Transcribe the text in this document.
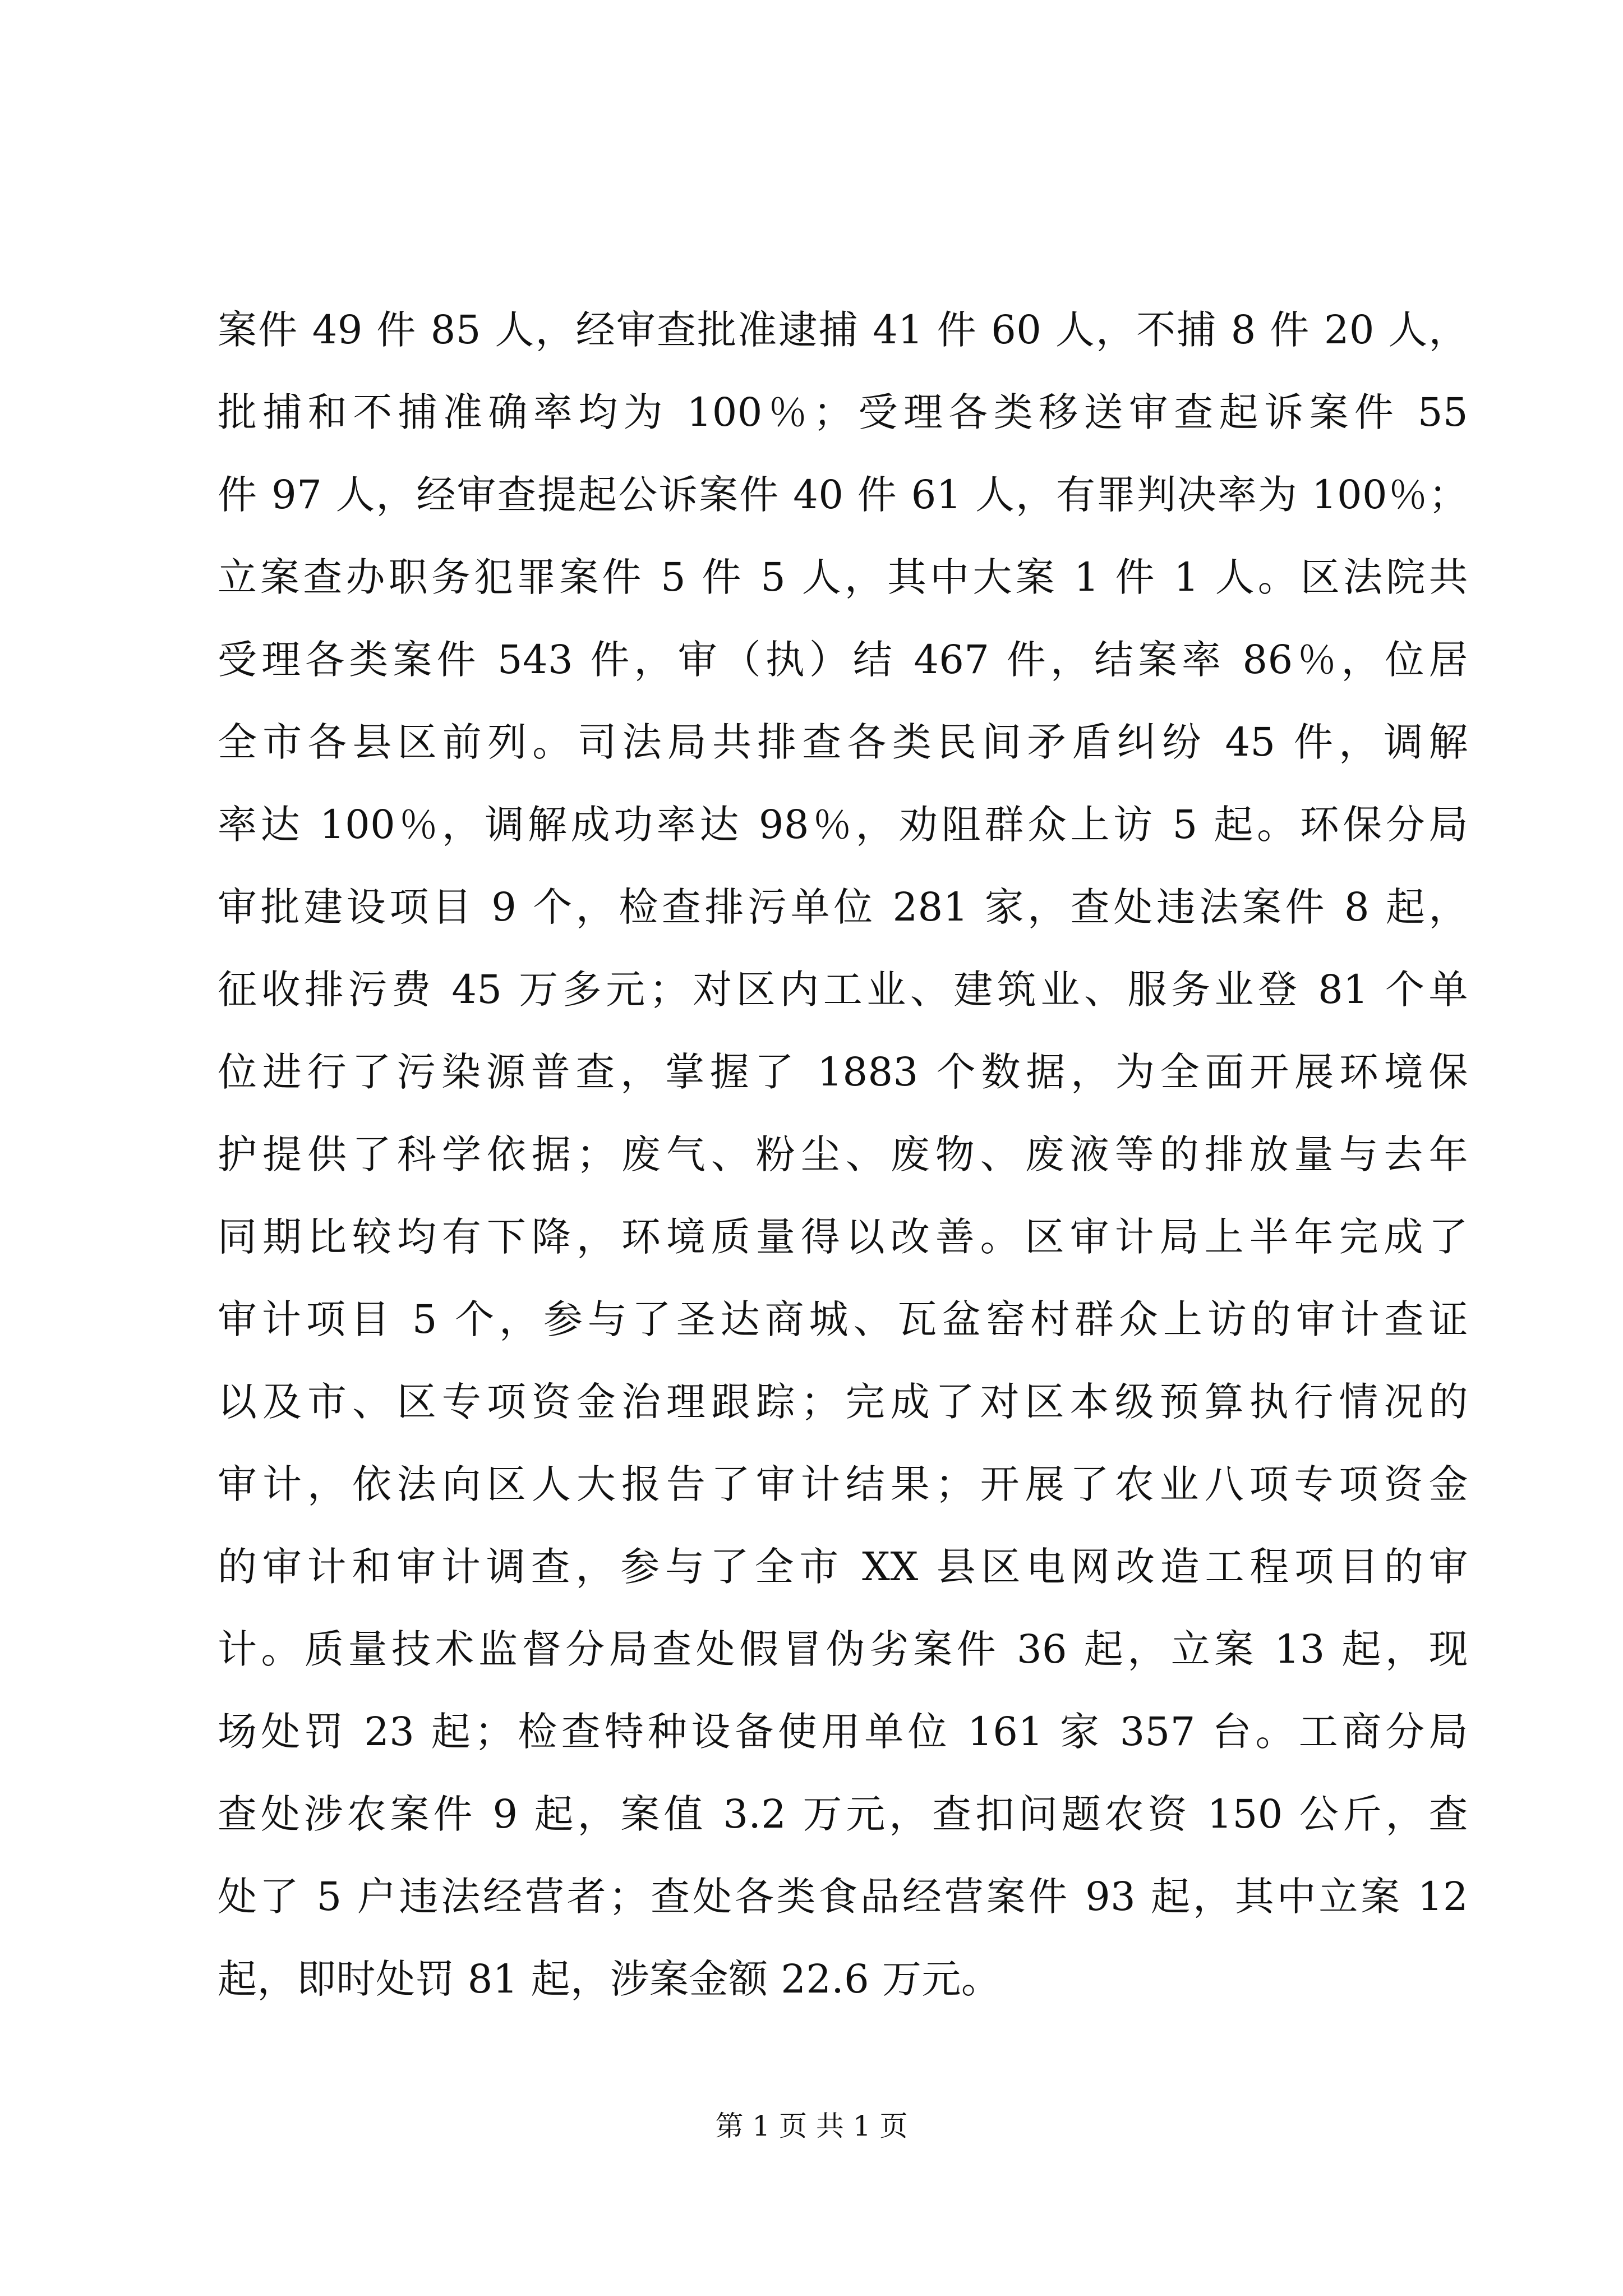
案件 49 件 85 人，经审查批准逮捕 41 件 60 人，不捕 8 件 20 人，
批捕和不捕准确率均为 100％；受理各类移送审查起诉案件 55
件 97 人，经审查提起公诉案件 40 件 61 人，有罪判决率为 100％；
立案查办职务犯罪案件 5 件 5 人，其中大案 1 件 1 人。区法院共
受理各类案件 543 件，审（执）结 467 件，结案率 86％，位居
全市各县区前列。司法局共排查各类民间矛盾纠纷 45 件，调解
率达 100％，调解成功率达 98％，劝阻群众上访 5 起。环保分局
审批建设项目 9 个，检查排污单位 281 家，查处违法案件 8 起，
征收排污费 45 万多元；对区内工业、建筑业、服务业登 81 个单
位进行了污染源普查，掌握了 1883 个数据，为全面开展环境保
护提供了科学依据；废气、粉尘、废物、废液等的排放量与去年
同期比较均有下降，环境质量得以改善。区审计局上半年完成了
审计项目 5 个，参与了圣达商城、瓦盆窑村群众上访的审计查证
以及市、区专项资金治理跟踪；完成了对区本级预算执行情况的
审计，依法向区人大报告了审计结果；开展了农业八项专项资金
的审计和审计调查，参与了全市 XX 县区电网改造工程项目的审
计。质量技术监督分局查处假冒伪劣案件 36 起，立案 13 起，现
场处罚 23 起；检查特种设备使用单位 161 家 357 台。工商分局
查处涉农案件 9 起，案值 3.2 万元，查扣问题农资 150 公斤，查
处了 5 户违法经营者；查处各类食品经营案件 93 起，其中立案 12
起，即时处罚 81 起，涉案金额 22.6 万元。
第 1 页 共 1 页
